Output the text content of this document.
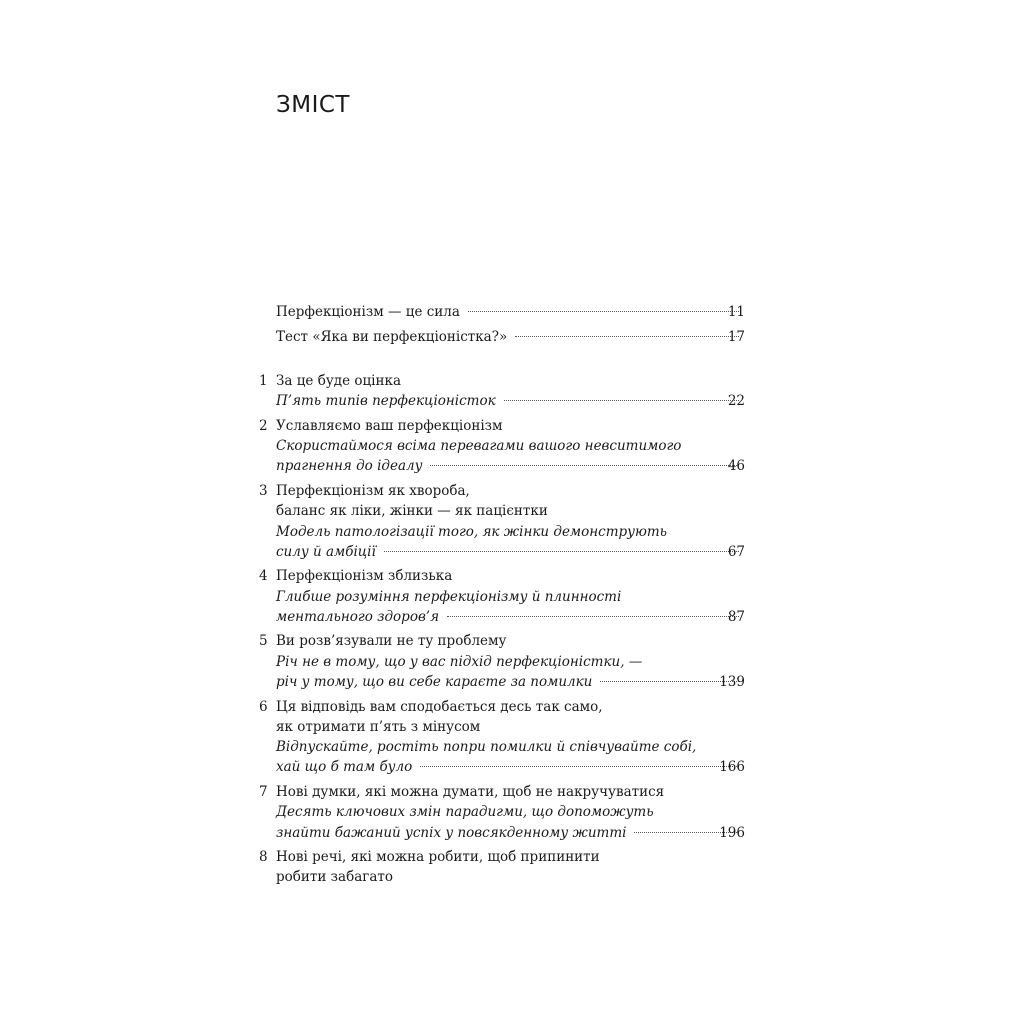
ЗМІСТ
Перфекціонізм — це сила	11
Тест «Яка ви перфекціоністка?»	17
1 За це буде оцінка
П’ять типів перфекціоністок	22
2 Уславляємо ваш перфекціонізм
Скористаймося всіма перевагами вашого невситимого
прагнення до ідеалу	46
3 Перфекціонізм як хвороба,
баланс як ліки, жінки — як пацієнтки
Модель патологізації того, як жінки демонструють
силу й амбіції	67
4 Перфекціонізм зблизька
Глибше розуміння перфекціонізму й плинності
ментального здоров’я	87
5 Ви розв’язували не ту проблему
Річ не в тому, що у вас підхід перфекціоністки, —
річ у тому, що ви себе караєте за помилки	139
6 Ця відповідь вам сподобається десь так само,
як отримати п’ять з мінусом
Відпускайте, ростіть попри помилки й співчувайте собі,
хай що б там було	166
7 Нові думки, які можна думати, щоб не накручуватися
Десять ключових змін парадигми, що допоможуть
знайти бажаний успіх у повсякденному житті	196
8 Нові речі, які можна робити, щоб припинити
робити забагато
